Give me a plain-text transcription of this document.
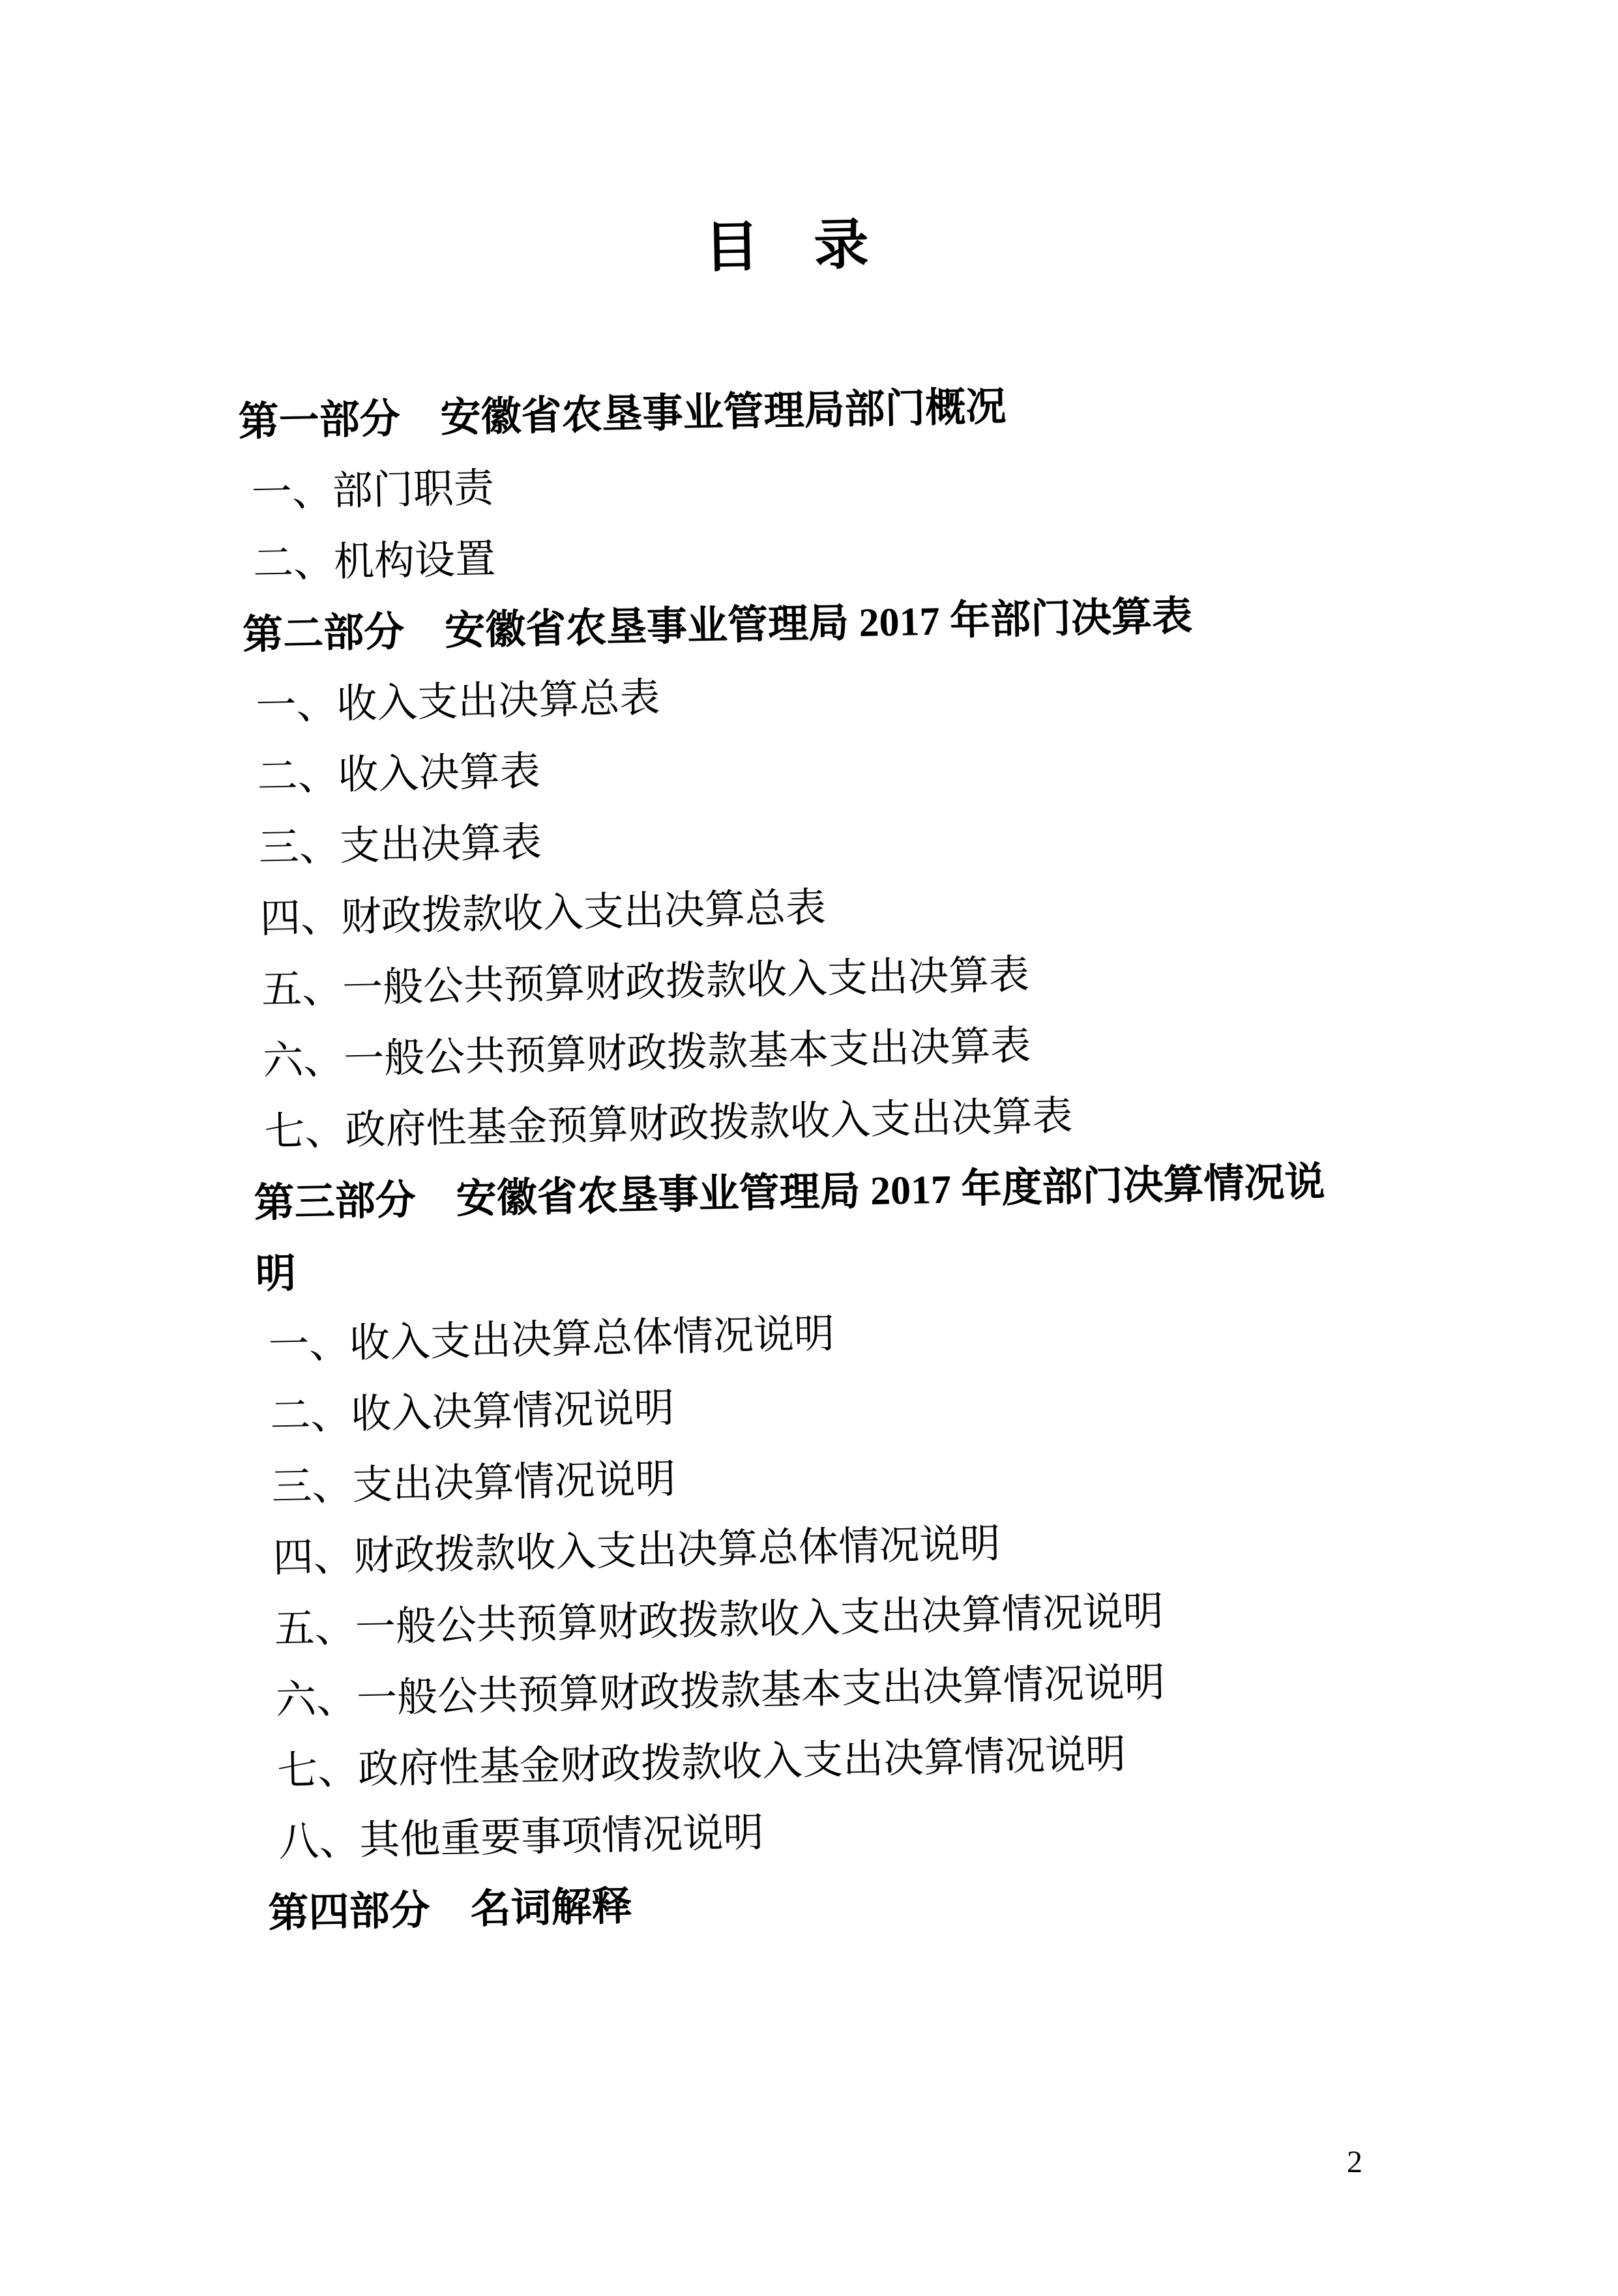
目　录

第一部分　安徽省农垦事业管理局部门概况

一、部门职责

二、机构设置

第二部分　安徽省农垦事业管理局 2017 年部门决算表

一、收入支出决算总表

二、收入决算表

三、支出决算表

四、财政拨款收入支出决算总表

五、一般公共预算财政拨款收入支出决算表

六、一般公共预算财政拨款基本支出决算表

七、政府性基金预算财政拨款收入支出决算表

第三部分　安徽省农垦事业管理局 2017 年度部门决算情况说明

一、收入支出决算总体情况说明

二、收入决算情况说明

三、支出决算情况说明

四、财政拨款收入支出决算总体情况说明

五、一般公共预算财政拨款收入支出决算情况说明

六、一般公共预算财政拨款基本支出决算情况说明

七、政府性基金财政拨款收入支出决算情况说明

八、其他重要事项情况说明

第四部分　名词解释

2
